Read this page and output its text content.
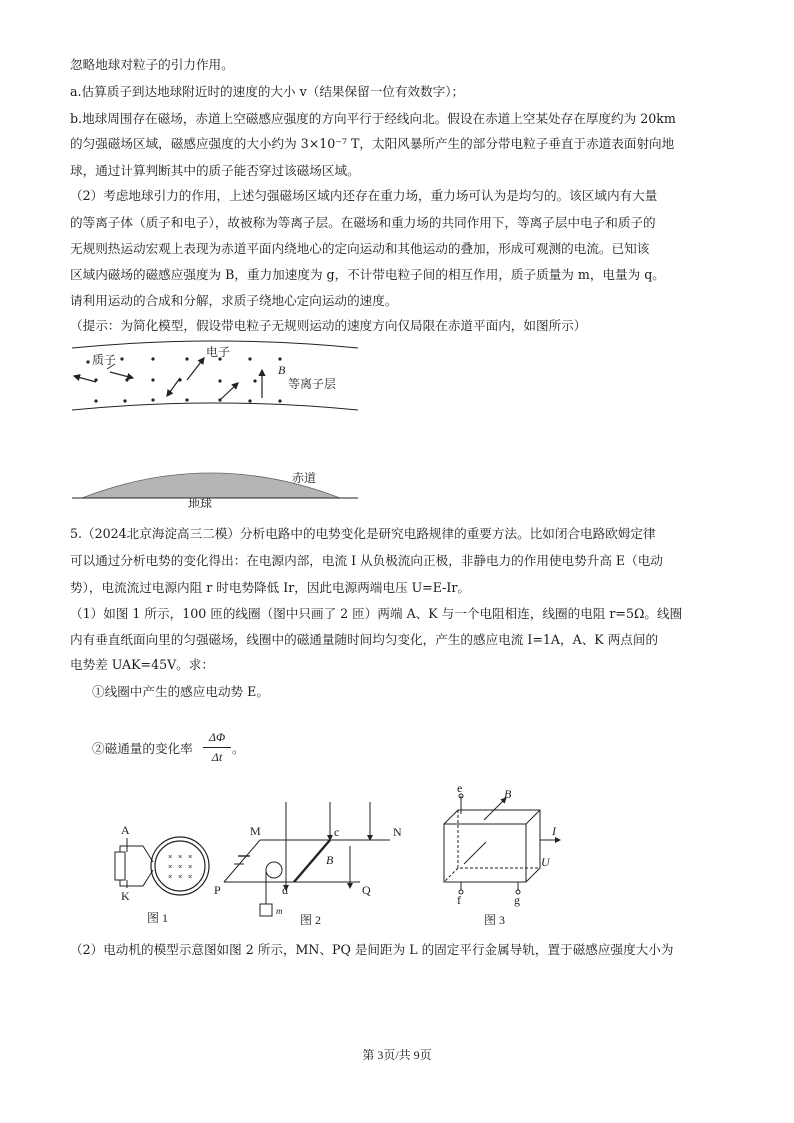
忽略地球对粒子的引力作用。
a.估算质子到达地球附近时的速度的大小 v（结果保留一位有效数字）；
b.地球周围存在磁场，赤道上空磁感应强度的方向平行于经线向北。假设在赤道上空某处存在厚度约为 20km
的匀强磁场区域，磁感应强度的大小约为 3×10⁻⁷ T，太阳风暴所产生的部分带电粒子垂直于赤道表面射向地
球，通过计算判断其中的质子能否穿过该磁场区域。
（2）考虑地球引力的作用，上述匀强磁场区域内还存在重力场，重力场可认为是均匀的。该区域内有大量
的等离子体（质子和电子），故被称为等离子层。在磁场和重力场的共同作用下，等离子层中电子和质子的
无规则热运动宏观上表现为赤道平面内绕地心的定向运动和其他运动的叠加，形成可观测的电流。已知该
区域内磁场的磁感应强度为 B，重力加速度为 g，不计带电粒子间的相互作用，质子质量为 m，电量为 q。
请利用运动的合成和分解，求质子绕地心定向运动的速度。
（提示：为简化模型，假设带电粒子无规则运动的速度方向仅局限在赤道平面内，如图所示）
质子
电子
B
等离子层
赤道
地球
5.（2024北京海淀高三二模）分析电路中的电势变化是研究电路规律的重要方法。比如闭合电路欧姆定律
可以通过分析电势的变化得出：在电源内部，电流 I 从负极流向正极，非静电力的作用使电势升高 E（电动
势），电流流过电源内阻 r 时电势降低 Ir，因此电源两端电压 U=E-Ir。
（1）如图 1 所示，100 匝的线圈（图中只画了 2 匝）两端 A、K 与一个电阻相连，线圈的电阻 r=5Ω。线圈
内有垂直纸面向里的匀强磁场，线圈中的磁通量随时间均匀变化，产生的感应电流 I=1A，A、K 两点间的
电势差 UAK=45V。求：
①线圈中产生的感应电动势 E。
②磁通量的变化率
ΔΦ
Δt
。
A
× × ×
× × ×
× × ×
K
图 1
M	N
P	Q
c
d
B
m
图 2
e	B
I
U
f	g
图 3
（2）电动机的模型示意图如图 2 所示，MN、PQ 是间距为 L 的固定平行金属导轨，置于磁感应强度大小为
第 3页/共 9页
